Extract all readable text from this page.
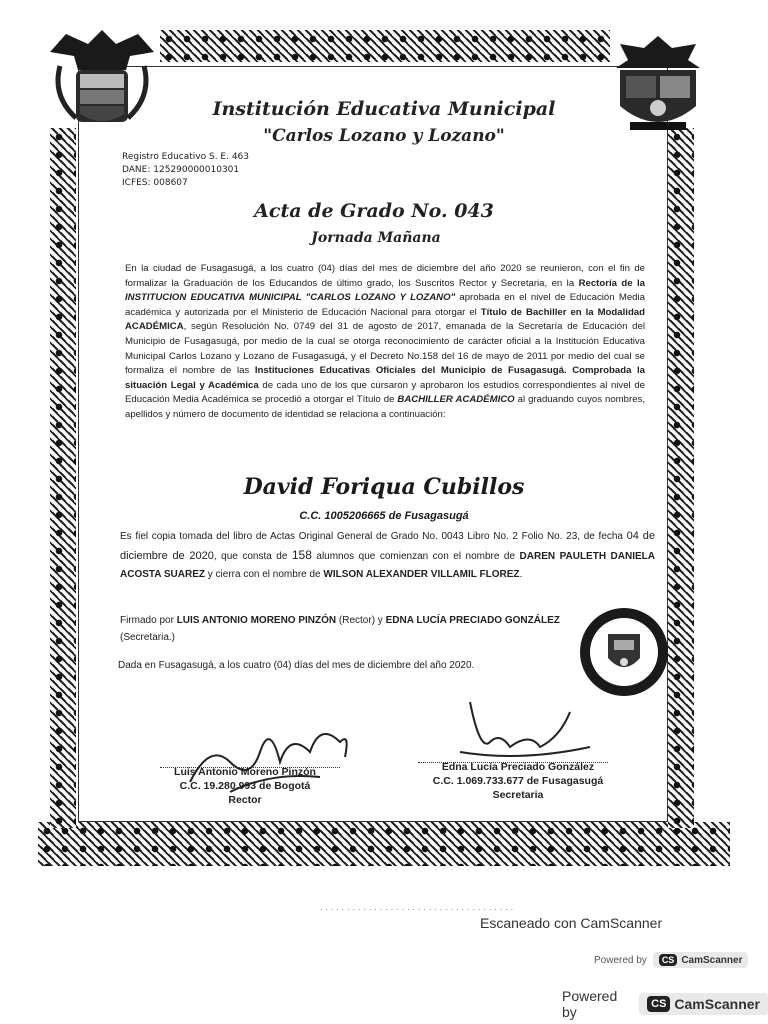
Institución Educativa Municipal
"Carlos Lozano y Lozano"
Registro Educativo S. E. 463
DANE: 125290000010301
ICFES: 008607
Acta de Grado No. 043
Jornada Mañana
En la ciudad de Fusagasugá, a los cuatro (04) días del mes de diciembre del año 2020 se reunieron, con el fin de formalizar la Graduación de los Educandos de último grado, los Suscritos Rector y Secretaria, en la Rectoría de la INSTITUCION EDUCATIVA MUNICIPAL "CARLOS LOZANO Y LOZANO" aprobada en el nivel de Educación Media académica y autorizada por el Ministerio de Educación Nacional para otorgar el Título de Bachiller en la Modalidad ACADÉMICA, según Resolución No. 0749 del 31 de agosto de 2017, emanada de la Secretaría de Educación del Municipio de Fusagasugá, por medio de la cual se otorga reconocimiento de carácter oficial a la Institución Educativa Municipal Carlos Lozano y Lozano de Fusagasugá, y el Decreto No.158 del 16 de mayo de 2011 por medio del cual se formaliza el nombre de las Instituciones Educativas Oficiales del Municipio de Fusagasugá. Comprobada la situación Legal y Académica de cada uno de los que cursaron y aprobaron los estudios correspondientes al nivel de Educación Media Académica se procedió a otorgar el Título de BACHILLER ACADÉMICO al graduando cuyos nombres, apellidos y número de documento de identidad se relaciona a continuación:
David Foriqua Cubillos
C.C. 1005206665 de Fusagasugá
Es fiel copia tomada del libro de Actas Original General de Grado No. 0043 Libro No. 2 Folio No. 23, de fecha 04 de diciembre de 2020, que consta de 158 alumnos que comienzan con el nombre de DAREN PAULETH DANIELA ACOSTA SUAREZ y cierra con el nombre de WILSON ALEXANDER VILLAMIL FLOREZ.
Firmado por LUIS ANTONIO MORENO PINZÓN (Rector) y EDNA LUCÍA PRECIADO GONZÁLEZ (Secretaria.)
Dada en Fusagasugá, a los cuatro (04) días del mes de diciembre del año 2020.
Luis Antonio Moreno Pinzón
C.C. 19.280.993 de Bogotá
Rector
Edna Lucía Preciado González
C.C. 1.069.733.677 de Fusagasugá
Secretaria
· · · · · · · · · · · · · · · · · · · · · · · · · · · · · · · · · · · ·
Escaneado con CamScanner
Powered by	CS CamScanner
Powered by	CS CamScanner
